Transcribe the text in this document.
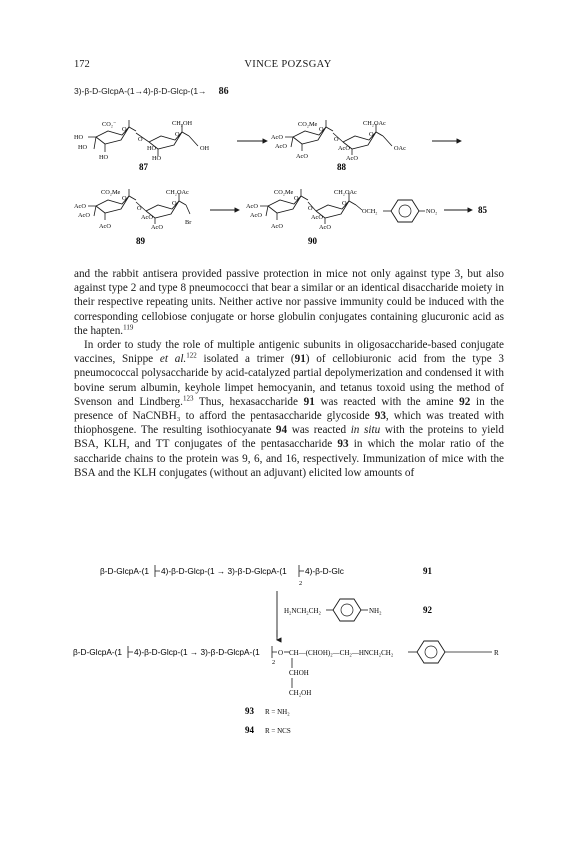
172	VINCE POZSGAY
3)-β-D-GlcpA-(1→4)-β-D-Glcp-(1→ 86
CO₂⁻
O
O
CH₂OH
HO
HO
HO
O
HO
HO
OH
87
CO₂Me
O
O
CH₂OAc
AcO
AcO
AcO
O
AcO
AcO
OAc
88
CO₂Me
O
O
CH₂OAc
AcO
AcO
AcO
O
AcO
AcO
Br
89
CO₂Me
O
O
CH₂OAc
AcO
AcO
AcO
O
AcO
AcO
OCH₂	NO₂
90
85

and the rabbit antisera provided passive protection in mice not only against type 3, but also against type 2 and type 8 pneumococci that bear a similar or an identical disaccharide moiety in their respective repeating units. Neither active nor passive immunity could be induced with the corresponding cellobiose conjugate or horse globulin conjugates containing glucuronic acid as the hapten.$^{119}$

In order to study the role of multiple antigenic subunits in oligosaccharide-based conjugate vaccines, Snippe et al.$^{122}$ isolated a trimer (91) of cellobiuronic acid from the type 3 pneumococcal polysaccharide by acid-catalyzed partial depolymerization and condensed it with bovine serum albumin, keyhole limpet hemocyanin, and tetanus toxoid using the method of Svenson and Lindberg.$^{123}$ Thus, hexasaccharide 91 was reacted with the amine 92 in the presence of NaCNBH₃ to afford the pentasaccharide glycoside 93, which was treated with thiophosgene. The resulting isothiocyanate 94 was reacted in situ with the proteins to yield BSA, KLH, and TT conjugates of the pentasaccharide 93 in which the molar ratio of the saccharide chains to the protein was 9, 6, and 16, respectively. Immunization of mice with the BSA and the KLH conjugates (without an adjuvant) elicited low amounts of

β-D-GlcpA-(1 4)-β-D-Glcp-(1 → 3)-β-D-GlcpA-(1 4)-β-D-Glc
2
91
H₂NCH₂CH₂	NH₂	92
β-D-GlcpA-(1 4)-β-D-Glcp-(1 → 3)-β-D-GlcpA-(1
2
O CH—(CHOH)₂—CH₂—HNCH₂CH₂	R
CHOH
CH₂OH
93 R = NH₂
94 R = NCS
